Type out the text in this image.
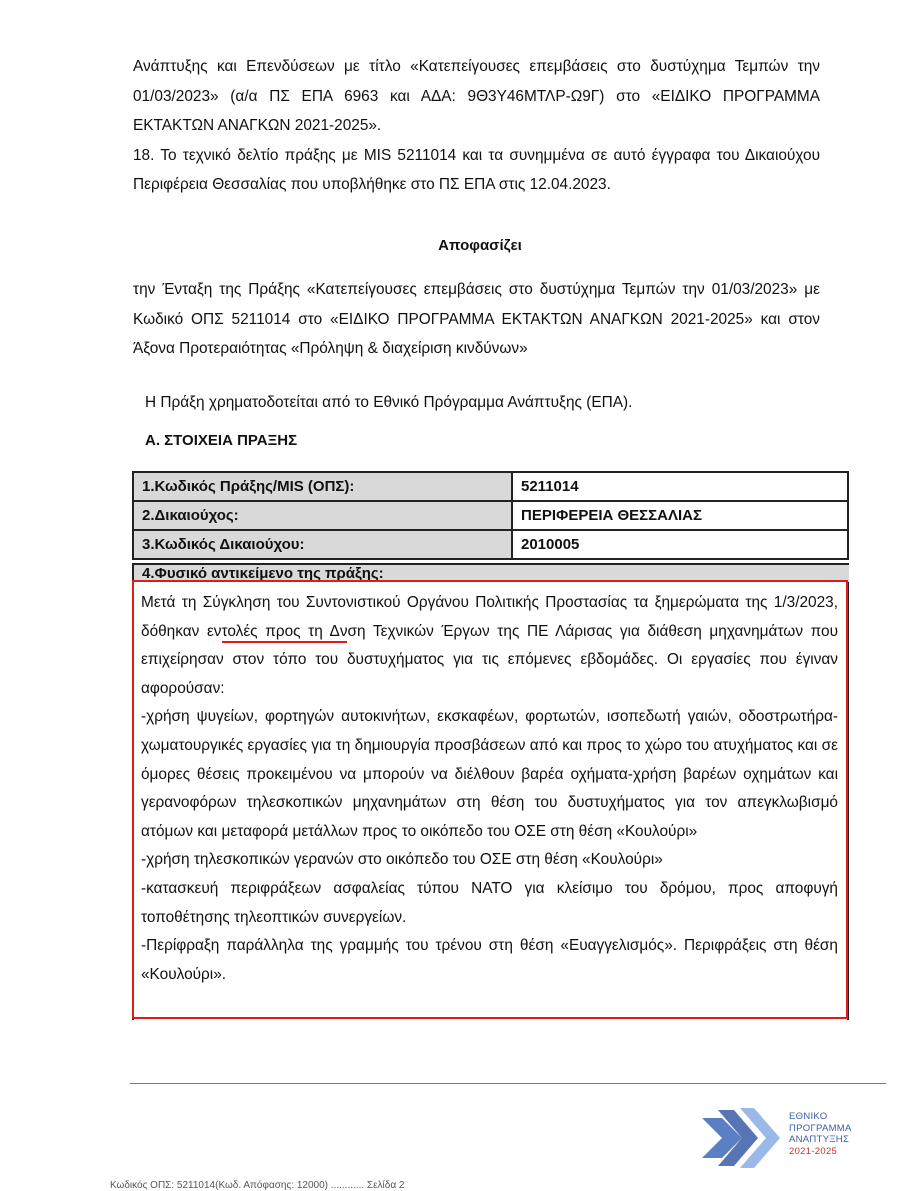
Ανάπτυξης και Επενδύσεων με τίτλο «Κατεπείγουσες επεμβάσεις στο δυστύχημα Τεμπών την

01/03/2023» (α/α ΠΣ ΕΠΑ 6963 και ΑΔΑ: 9Θ3Υ46ΜΤΛΡ-Ω9Γ) στο «ΕΙΔΙΚΟ ΠΡΟΓΡΑΜΜΑ

ΕΚΤΑΚΤΩΝ ΑΝΑΓΚΩΝ 2021-2025».

18. Το τεχνικό δελτίο πράξης με MIS 5211014 και τα συνημμένα σε αυτό έγγραφα του Δικαιούχου Περιφέρεια Θεσσαλίας που υποβλήθηκε στο ΠΣ ΕΠΑ στις 12.04.2023.

Αποφασίζει

την Ένταξη της Πράξης «Κατεπείγουσες επεμβάσεις στο δυστύχημα Τεμπών την 01/03/2023» με Κωδικό ΟΠΣ 5211014 στο «ΕΙΔΙΚΟ ΠΡΟΓΡΑΜΜΑ ΕΚΤΑΚΤΩΝ ΑΝΑΓΚΩΝ 2021-2025» και στον Άξονα Προτεραιότητας «Πρόληψη & διαχείριση κινδύνων»

Η Πράξη χρηματοδοτείται από το Εθνικό Πρόγραμμα Ανάπτυξης (ΕΠΑ).
Α. ΣΤΟΙΧΕΙΑ ΠΡΑΞΗΣ
1.Κωδικός Πράξης/MIS (ΟΠΣ):	5211014
2.Δικαιούχος:	ΠΕΡΙΦΕΡΕΙΑ ΘΕΣΣΑΛΙΑΣ
3.Κωδικός Δικαιούχου:	2010005
4.Φυσικό αντικείμενο της πράξης:

Μετά τη Σύγκληση του Συντονιστικού Οργάνου Πολιτικής Προστασίας τα ξημερώματα της 1/3/2023, δόθηκαν εντολές προς τη Δνση Τεχνικών Έργων της ΠΕ Λάρισας για διάθεση μηχανημάτων που επιχείρησαν στον τόπο του δυστυχήματος για τις επόμενες εβδομάδες. Οι εργασίες που έγιναν αφορούσαν:

-χρήση ψυγείων, φορτηγών αυτοκινήτων, εκσκαφέων, φορτωτών, ισοπεδωτή γαιών, οδοστρωτήρα-χωματουργικές εργασίες για τη δημιουργία προσβάσεων από και προς το χώρο του ατυχήματος και σε όμορες θέσεις προκειμένου να μπορούν να διέλθουν βαρέα οχήματα-χρήση βαρέων οχημάτων και γερανοφόρων τηλεσκοπικών μηχανημάτων στη θέση του δυστυχήματος για τον απεγκλωβισμό ατόμων και μεταφορά μετάλλων προς το οικόπεδο του ΟΣΕ στη θέση «Κουλούρι»

-χρήση τηλεσκοπικών γερανών στο οικόπεδο του ΟΣΕ στη θέση «Κουλούρι»

-κατασκευή περιφράξεων ασφαλείας τύπου ΝΑΤΟ για κλείσιμο του δρόμου, προς αποφυγή τοποθέτησης τηλεοπτικών συνεργείων.

-Περίφραξη παράλληλα της γραμμής του τρένου στη θέση «Ευαγγελισμός». Περιφράξεις στη θέση «Κουλούρι».

ΕΘΝΙΚΟ
ΠΡΟΓΡΑΜΜΑ
ΑΝΑΠΤΥΞΗΣ
2021-2025
Κωδικός ΟΠΣ: 5211014(Κωδ. Απόφασης: 12000) ............ Σελίδα 2
